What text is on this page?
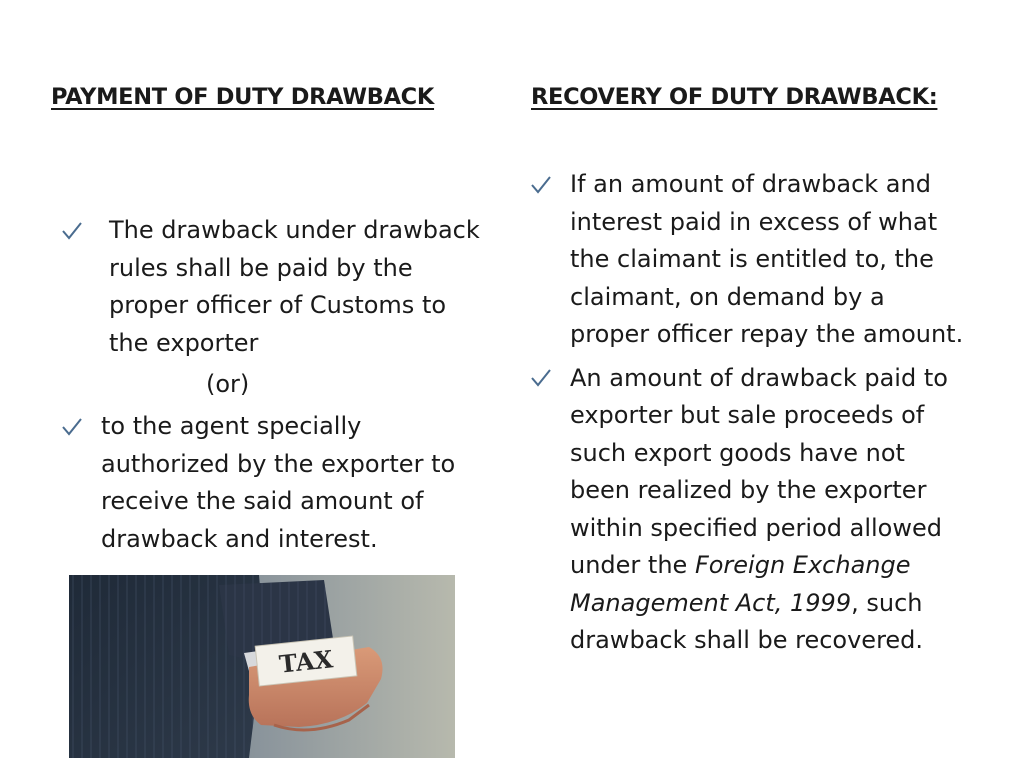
PAYMENT OF DUTY DRAWBACK	RECOVERY OF DUTY DRAWBACK:
The drawback under drawback rules shall be paid by the proper officer of Customs to the exporter
(or)
to the agent specially authorized by the exporter to receive the said amount of drawback and interest.
If an amount of drawback and interest paid in excess of what the claimant is entitled to, the claimant, on demand by a proper officer repay the amount.
An amount of drawback paid to exporter but sale proceeds of such export goods have not been realized by the exporter within specified period allowed under the Foreign Exchange Management Act, 1999, such drawback shall be recovered.
TAX
